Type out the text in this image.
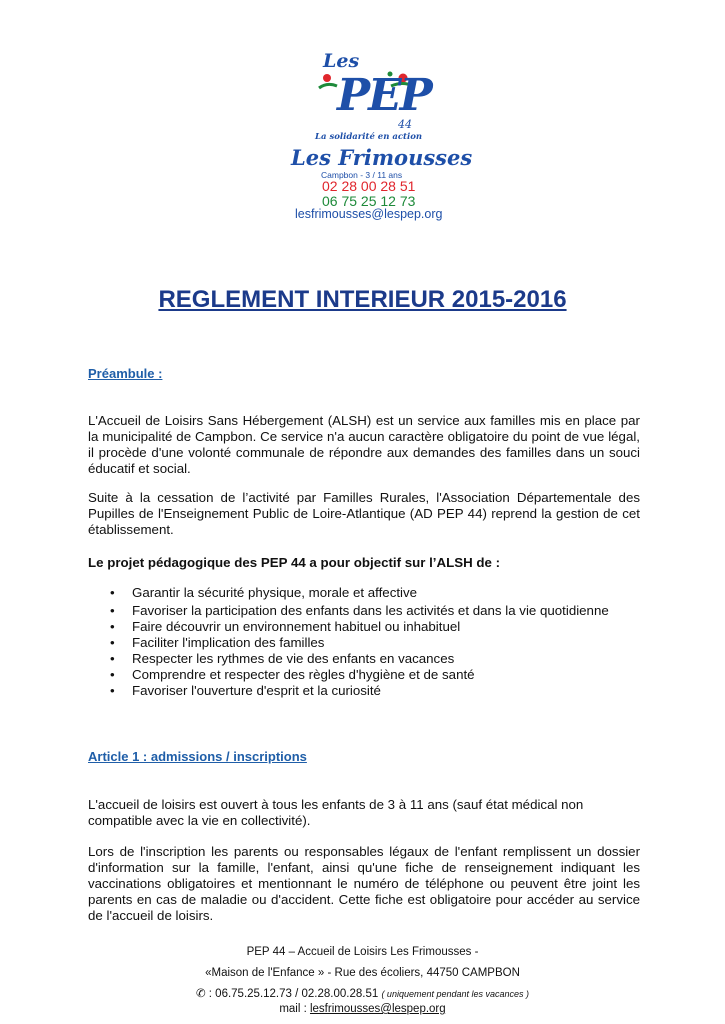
Les
PEP
44
La solidarité en action
Les Frimousses
Campbon - 3 / 11 ans
02 28 00 28 51
06 75 25 12 73
lesfrimousses@lespep.org
REGLEMENT INTERIEUR 2015-2016
Préambule :
L'Accueil de Loisirs Sans Hébergement (ALSH) est un service aux familles mis en place par la municipalité de Campbon. Ce service n'a aucun caractère obligatoire du point de vue légal, il procède d'une volonté communale de répondre aux demandes des familles dans un souci éducatif et social.
Suite à la cessation de l’activité par Familles Rurales, l'Association Départementale des Pupilles de l'Enseignement Public de Loire-Atlantique (AD PEP 44) reprend la gestion de cet établissement.
Le projet pédagogique des PEP 44 a pour objectif sur l’ALSH de :
• Garantir la sécurité physique, morale et affective
• Favoriser la participation des enfants dans les activités et dans la vie quotidienne
• Faire découvrir un environnement habituel ou inhabituel
• Faciliter l'implication des familles
• Respecter les rythmes de vie des enfants en vacances
• Comprendre et respecter des règles d'hygiène et de santé
• Favoriser l'ouverture d'esprit et la curiosité
Article 1 : admissions / inscriptions
L'accueil de loisirs est ouvert à tous les enfants de 3 à 11 ans (sauf état médical non compatible avec la vie en collectivité).
Lors de l'inscription les parents ou responsables légaux de l'enfant remplissent un dossier d'information sur la famille, l'enfant, ainsi qu'une fiche de renseignement indiquant les vaccinations obligatoires et mentionnant le numéro de téléphone ou peuvent être joint les parents en cas de maladie ou d'accident. Cette fiche est obligatoire pour accéder au service de l'accueil de loisirs.
PEP 44 – Accueil de Loisirs Les Frimousses -
«Maison de l'Enfance » - Rue des écoliers, 44750 CAMPBON
✆ : 06.75.25.12.73 / 02.28.00.28.51 ( uniquement pendant les vacances )
mail : lesfrimousses@lespep.org
